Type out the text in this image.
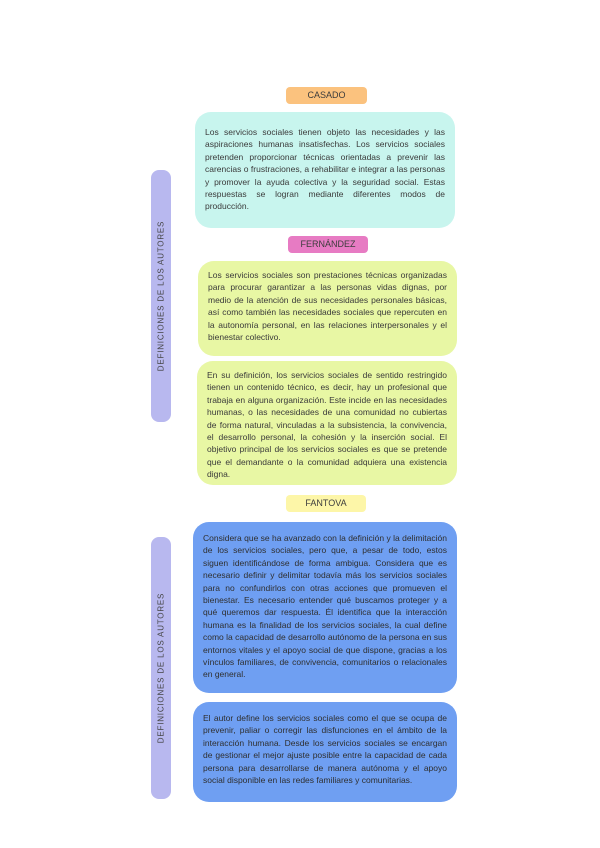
DEFINICIONES DE LOS AUTORES
DEFINICIONES DE LOS AUTORES
CASADO

Los servicios sociales tienen objeto las necesidades y las aspiraciones humanas insatisfechas. Los servicios sociales pretenden proporcionar técnicas orientadas a prevenir las carencias o frustraciones, a rehabilitar e integrar a las personas y promover la ayuda colectiva y la seguridad social. Estas respuestas se logran mediante diferentes modos de producción.

FERNÁNDEZ

Los servicios sociales son prestaciones técnicas organizadas para procurar garantizar a las personas vidas dignas, por medio de la atención de sus necesidades personales básicas, así como también las necesidades sociales que repercuten en la autonomía personal, en las relaciones interpersonales y el bienestar colectivo.

En su definición, los servicios sociales de sentido restringido tienen un contenido técnico, es decir, hay un profesional que trabaja en alguna organización. Este incide en las necesidades humanas, o las necesidades de una comunidad no cubiertas de forma natural, vinculadas a la subsistencia, la convivencia, el desarrollo personal, la cohesión y la inserción social. El objetivo principal de los servicios sociales es que se pretende que el demandante o la comunidad adquiera una existencia digna.

FANTOVA

Considera que se ha avanzado con la definición y la delimitación de los servicios sociales, pero que, a pesar de todo, estos siguen identificándose de forma ambigua. Considera que es necesario definir y delimitar todavía más los servicios sociales para no confundirlos con otras acciones que promueven el bienestar. Es necesario entender qué buscamos proteger y a qué queremos dar respuesta. Él identifica que la interacción humana es la finalidad de los servicios sociales, la cual define como la capacidad de desarrollo autónomo de la persona en sus entornos vitales y el apoyo social de que dispone, gracias a los vínculos familiares, de convivencia, comunitarios o relacionales en general.

El autor define los servicios sociales como el que se ocupa de prevenir, paliar o corregir las disfunciones en el ámbito de la interacción humana. Desde los servicios sociales se encargan de gestionar el mejor ajuste posible entre la capacidad de cada persona para desarrollarse de manera autónoma y el apoyo social disponible en las redes familiares y comunitarias.
